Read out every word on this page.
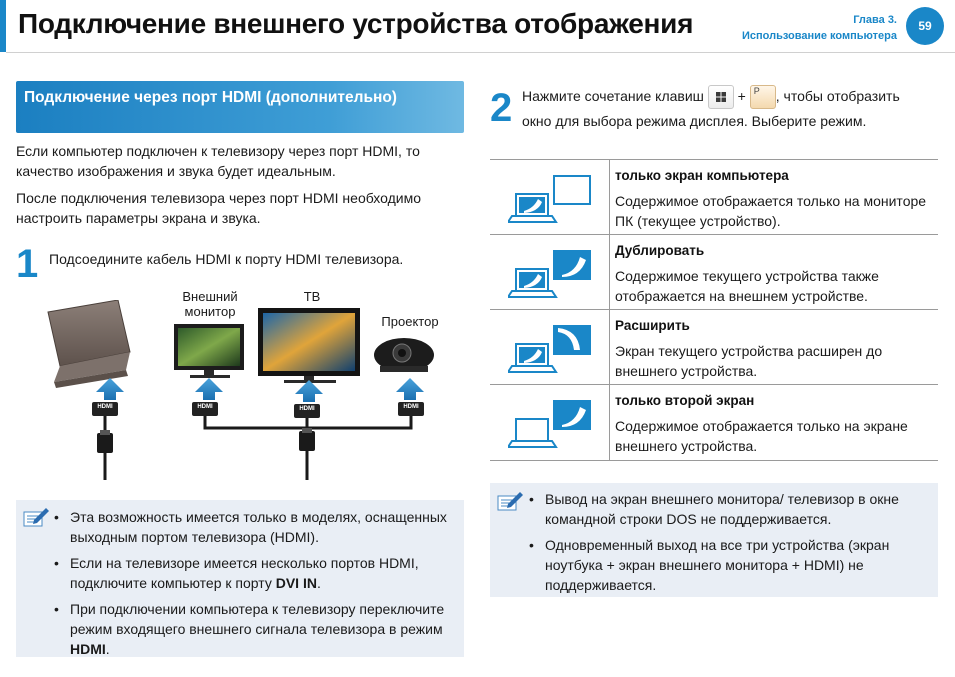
Подключение внешнего устройства отображения	Глава 3.
Использование компьютера
59
Подключение через порт HDMI (дополнительно)
Если компьютер подключен к телевизору через порт HDMI, то качество изображения и звука будет идеальным.
После подключения телевизора через порт HDMI необходимо настроить параметры экрана и звука.
1 Подсоедините кабель HDMI к порту HDMI телевизора.
Внешний
монитор
ТВ
Проектор
HDMI	HDMI	HDMI	HDMI
• Эта возможность имеется только в моделях, оснащенных выходным портом телевизора (HDMI).
• Если на телевизоре имеется несколько портов HDMI, подключите компьютер к порту DVI IN.
• При подключении компьютера к телевизору переключите режим входящего внешнего сигнала телевизора в режим HDMI.
2 Нажмите сочетание клавиш + P , чтобы отобразить
окно для выбора режима дисплея. Выберите режим.
только экран компьютера
Содержимое отображается только на мониторе ПК (текущее устройство).
Дублировать
Содержимое текущего устройства также отображается на внешнем устройстве.
Расширить
Экран текущего устройства расширен до внешнего устройства.
только второй экран
Содержимое отображается только на экране внешнего устройства.
• Вывод на экран внешнего монитора/ телевизор в окне командной строки DOS не поддерживается.
• Одновременный выход на все три устройства (экран ноутбука + экран внешнего монитора + HDMI) не поддерживается.
